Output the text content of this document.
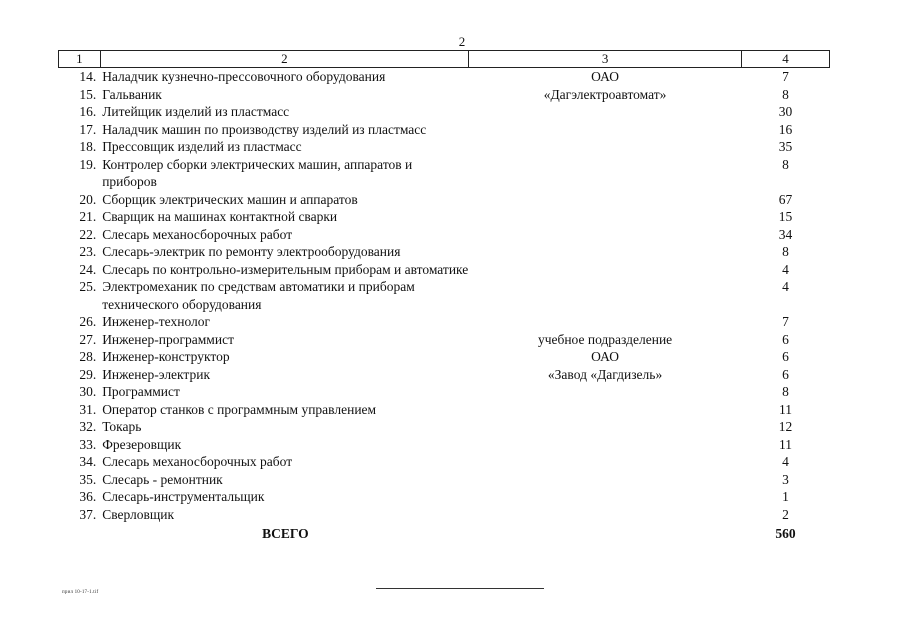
2
1	2	3	4
14.	Наладчик кузнечно-прессовочного оборудования	ОАО	7
15.	Гальваник	«Дагэлектроавтомат»	8
16.	Литейщик изделий из пластмасс		30
17.	Наладчик машин по производству изделий из пластмасс		16
18.	Прессовщик изделий из пластмасс		35
19.	Контролер сборки электрических машин, аппаратов и приборов		8
20.	Сборщик электрических машин и аппаратов		67
21.	Сварщик на машинах контактной сварки		15
22.	Слесарь механосборочных работ		34
23.	Слесарь-электрик по ремонту электрооборудования		8
24.	Слесарь по контрольно-измерительным приборам и автоматике		4
25.	Электромеханик по средствам автоматики и приборам технического оборудования		4
26.	Инженер-технолог		7
27.	Инженер-программист	учебное подразделение	6
28.	Инженер-конструктор	ОАО	6
29.	Инженер-электрик	«Завод «Дагдизель»	6
30.	Программист		8
31.	Оператор станков с программным управлением		11
32.	Токарь		12
33.	Фрезеровщик		11
34.	Слесарь механосборочных работ		4
35.	Слесарь - ремонтник		3
36.	Слесарь-инструментальщик		1
37.	Сверловщик		2
	ВСЕГО		560
прил 10-17-1.tif
